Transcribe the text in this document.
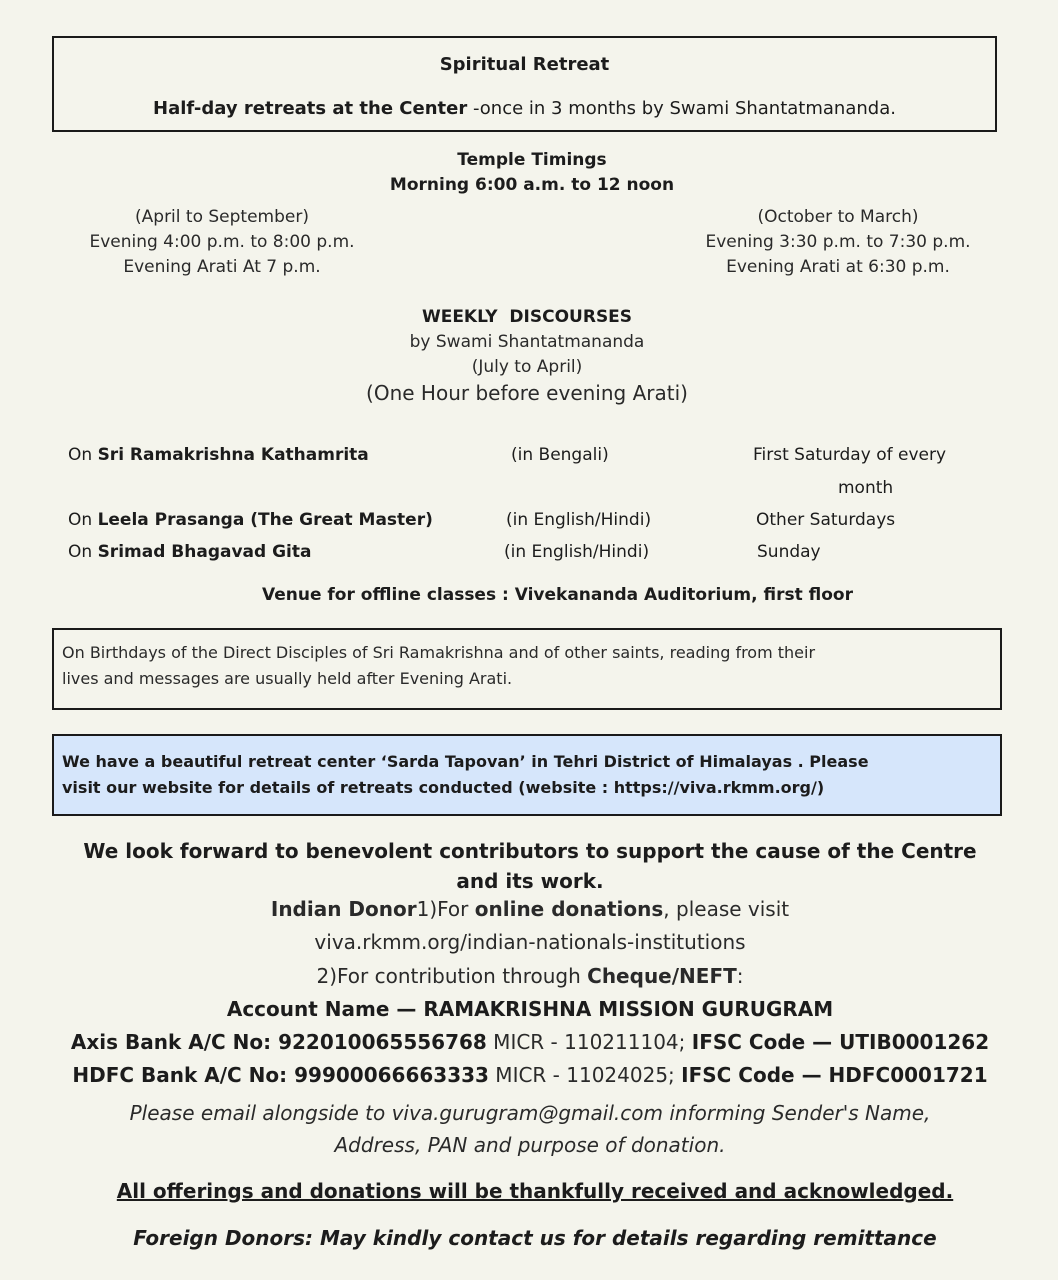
Spiritual Retreat
Half-day retreats at the Center -once in 3 months by Swami Shantatmananda.
Temple Timings
Morning 6:00 a.m. to 12 noon
(April to September)
Evening 4:00 p.m. to 8:00 p.m.
Evening Arati At 7 p.m.
(October to March)
Evening 3:30 p.m. to 7:30 p.m.
Evening Arati at 6:30 p.m.
WEEKLY  DISCOURSES
by Swami Shantatmananda
(July to April)
(One Hour before evening Arati)
On Sri Ramakrishna Kathamrita	(in Bengali)	First Saturday of every
month
On Leela Prasanga (The Great Master)	(in English/Hindi)	Other Saturdays
On Srimad Bhagavad Gita	(in English/Hindi)	Sunday
Venue for offline classes : Vivekananda Auditorium, first floor
On Birthdays of the Direct Disciples of Sri Ramakrishna and of other saints, reading from their
lives and messages are usually held after Evening Arati.
We have a beautiful retreat center ‘Sarda Tapovan’ in Tehri District of Himalayas . Please
visit our website for details of retreats conducted (website : https://viva.rkmm.org/)
We look forward to benevolent contributors to support the cause of the Centre
and its work.
Indian Donor1)For online donations, please visit
viva.rkmm.org/indian-nationals-institutions
2)For contribution through Cheque/NEFT:
Account Name — RAMAKRISHNA MISSION GURUGRAM
Axis Bank A/C No: 922010065556768 MICR - 110211104; IFSC Code — UTIB0001262
HDFC Bank A/C No: 99900066663333 MICR - 11024025; IFSC Code — HDFC0001721
Please email alongside to viva.gurugram@gmail.com informing Sender's Name,
Address, PAN and purpose of donation.
All offerings and donations will be thankfully received and acknowledged.
Foreign Donors: May kindly contact us for details regarding remittance
